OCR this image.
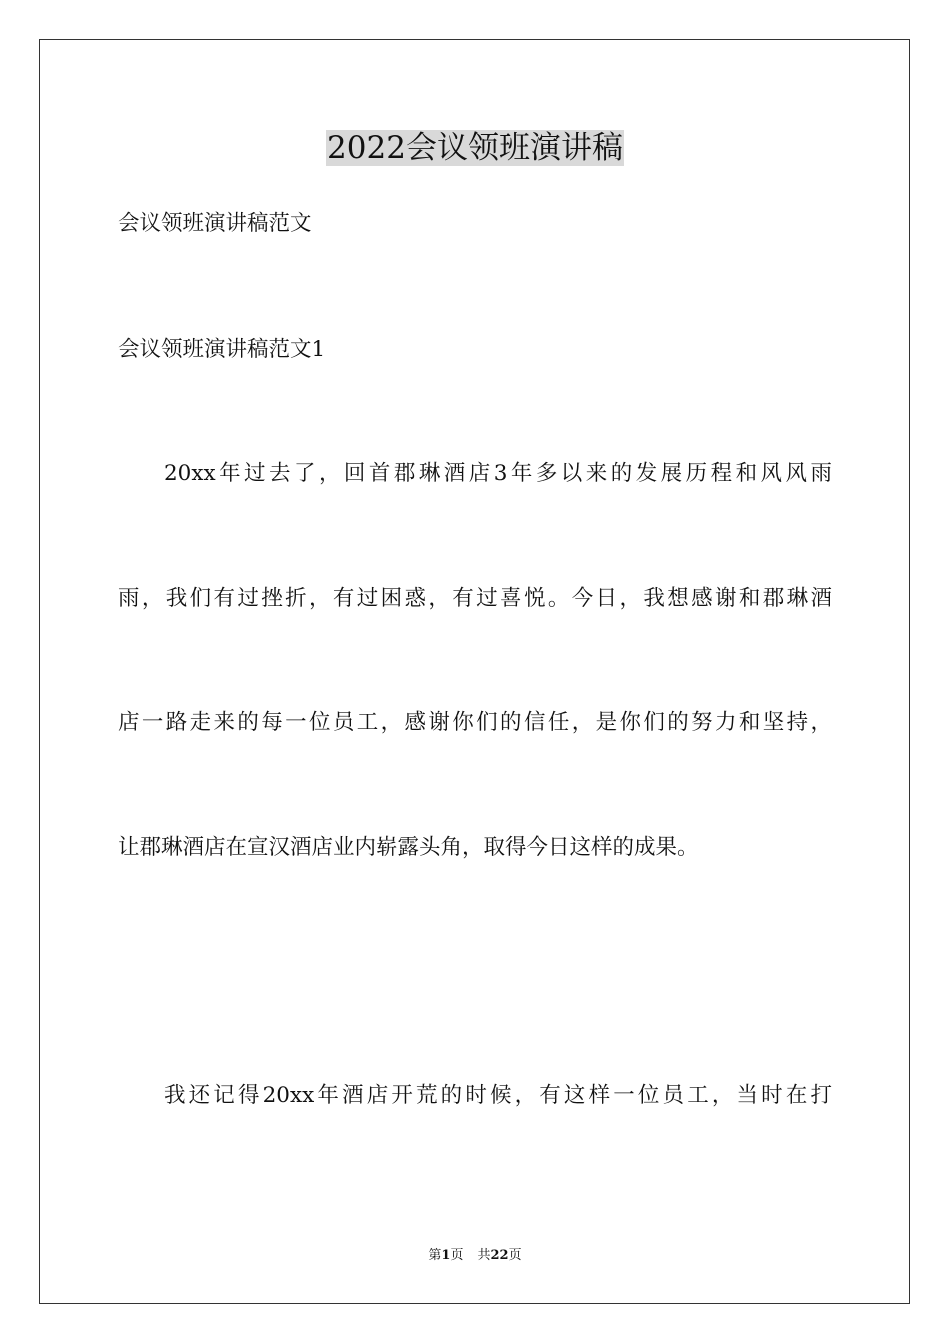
2022会议领班演讲稿
会议领班演讲稿范文
会议领班演讲稿范文1
20xx年过去了，回首郡琳酒店3年多以来的发展历程和风风雨
雨，我们有过挫折，有过困惑，有过喜悦。今日，我想感谢和郡琳酒
店一路走来的每一位员工，感谢你们的信任，是你们的努力和坚持，
让郡琳酒店在宣汉酒店业内崭露头角，取得今日这样的成果。
我还记得20xx年酒店开荒的时候，有这样一位员工，当时在打
第1页 共22页
